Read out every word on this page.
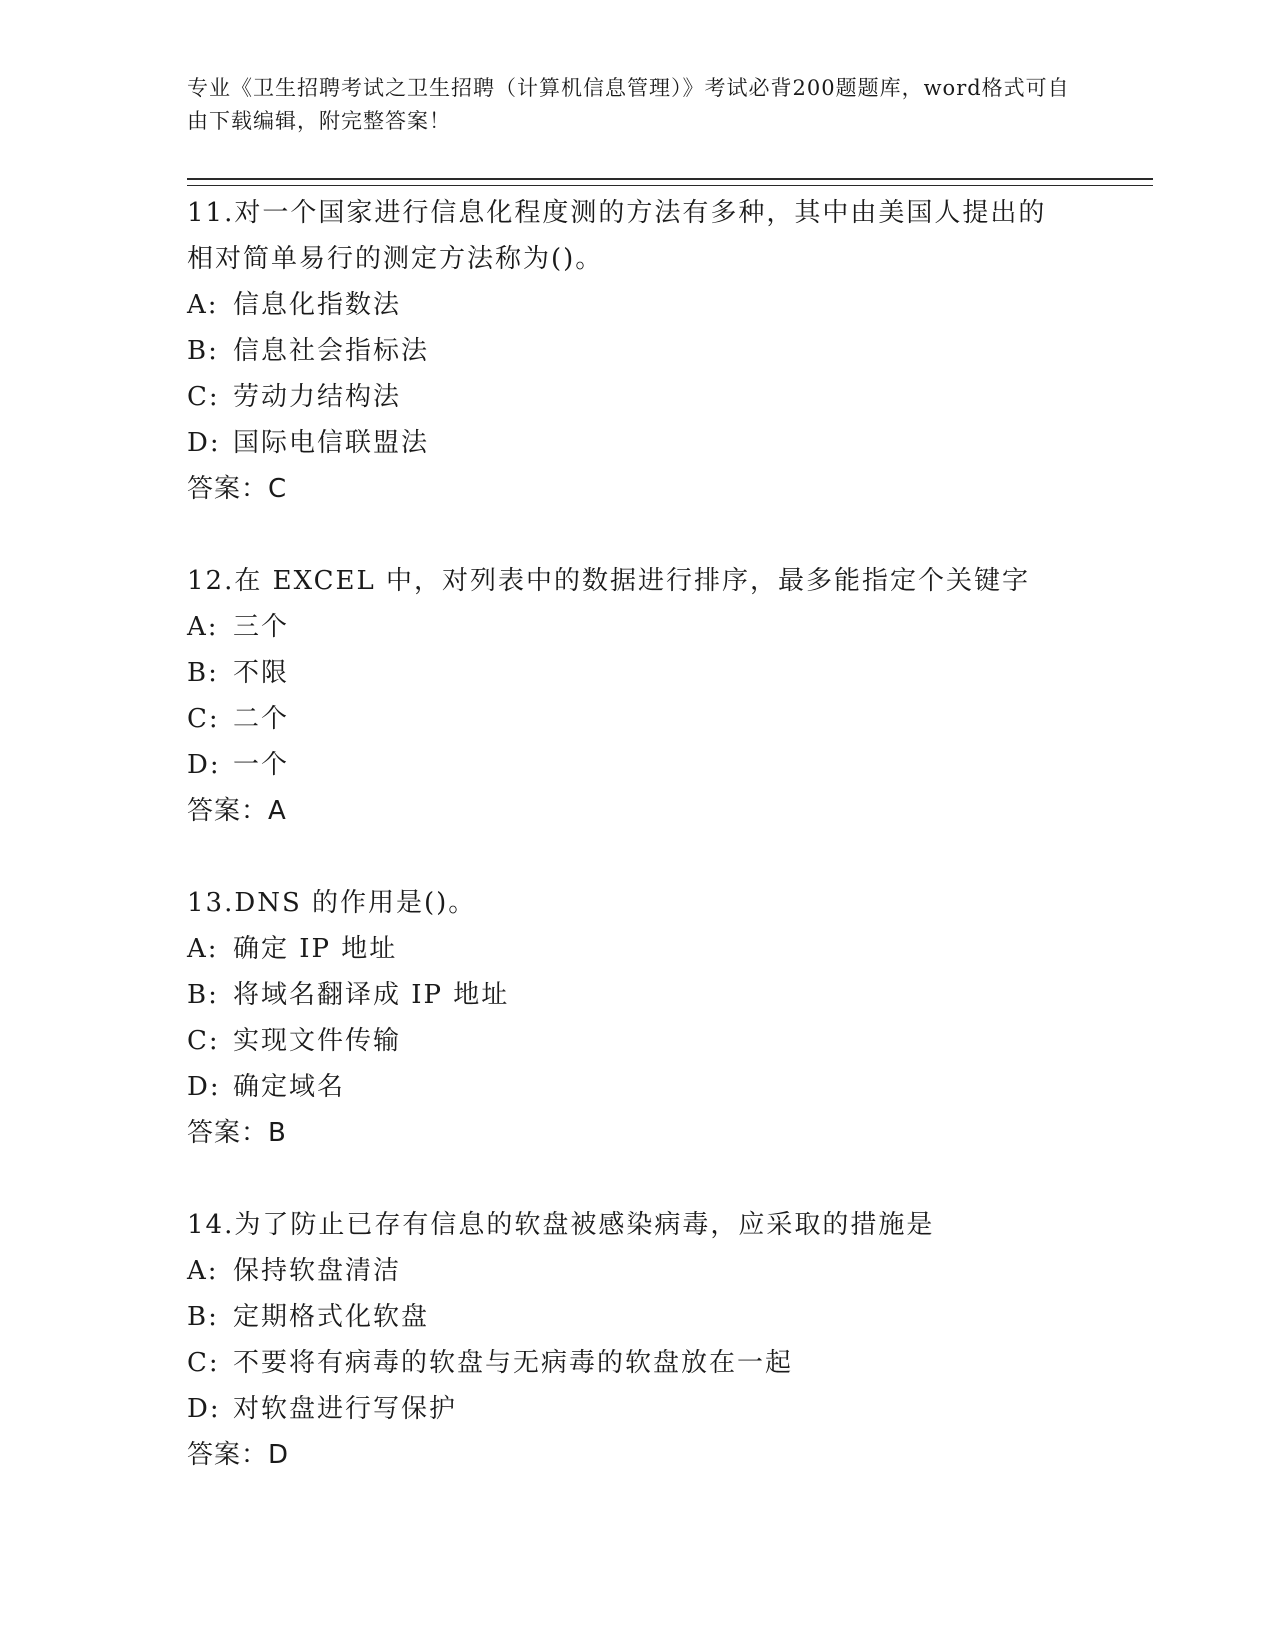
专业《卫生招聘考试之卫生招聘（计算机信息管理）》考试必背200题题库，word格式可自由下载编辑，附完整答案！
11.对一个国家进行信息化程度测的方法有多种，其中由美国人提出的
相对简单易行的测定方法称为()。
A: 信息化指数法
B: 信息社会指标法
C: 劳动力结构法
D: 国际电信联盟法
答案：C
12.在 EXCEL 中，对列表中的数据进行排序，最多能指定个关键字
A: 三个
B: 不限
C: 二个
D: 一个
答案：A
13.DNS 的作用是()。
A: 确定 IP 地址
B: 将域名翻译成 IP 地址
C: 实现文件传输
D: 确定域名
答案：B
14.为了防止已存有信息的软盘被感染病毒，应采取的措施是
A: 保持软盘清洁
B: 定期格式化软盘
C: 不要将有病毒的软盘与无病毒的软盘放在一起
D: 对软盘进行写保护
答案：D
